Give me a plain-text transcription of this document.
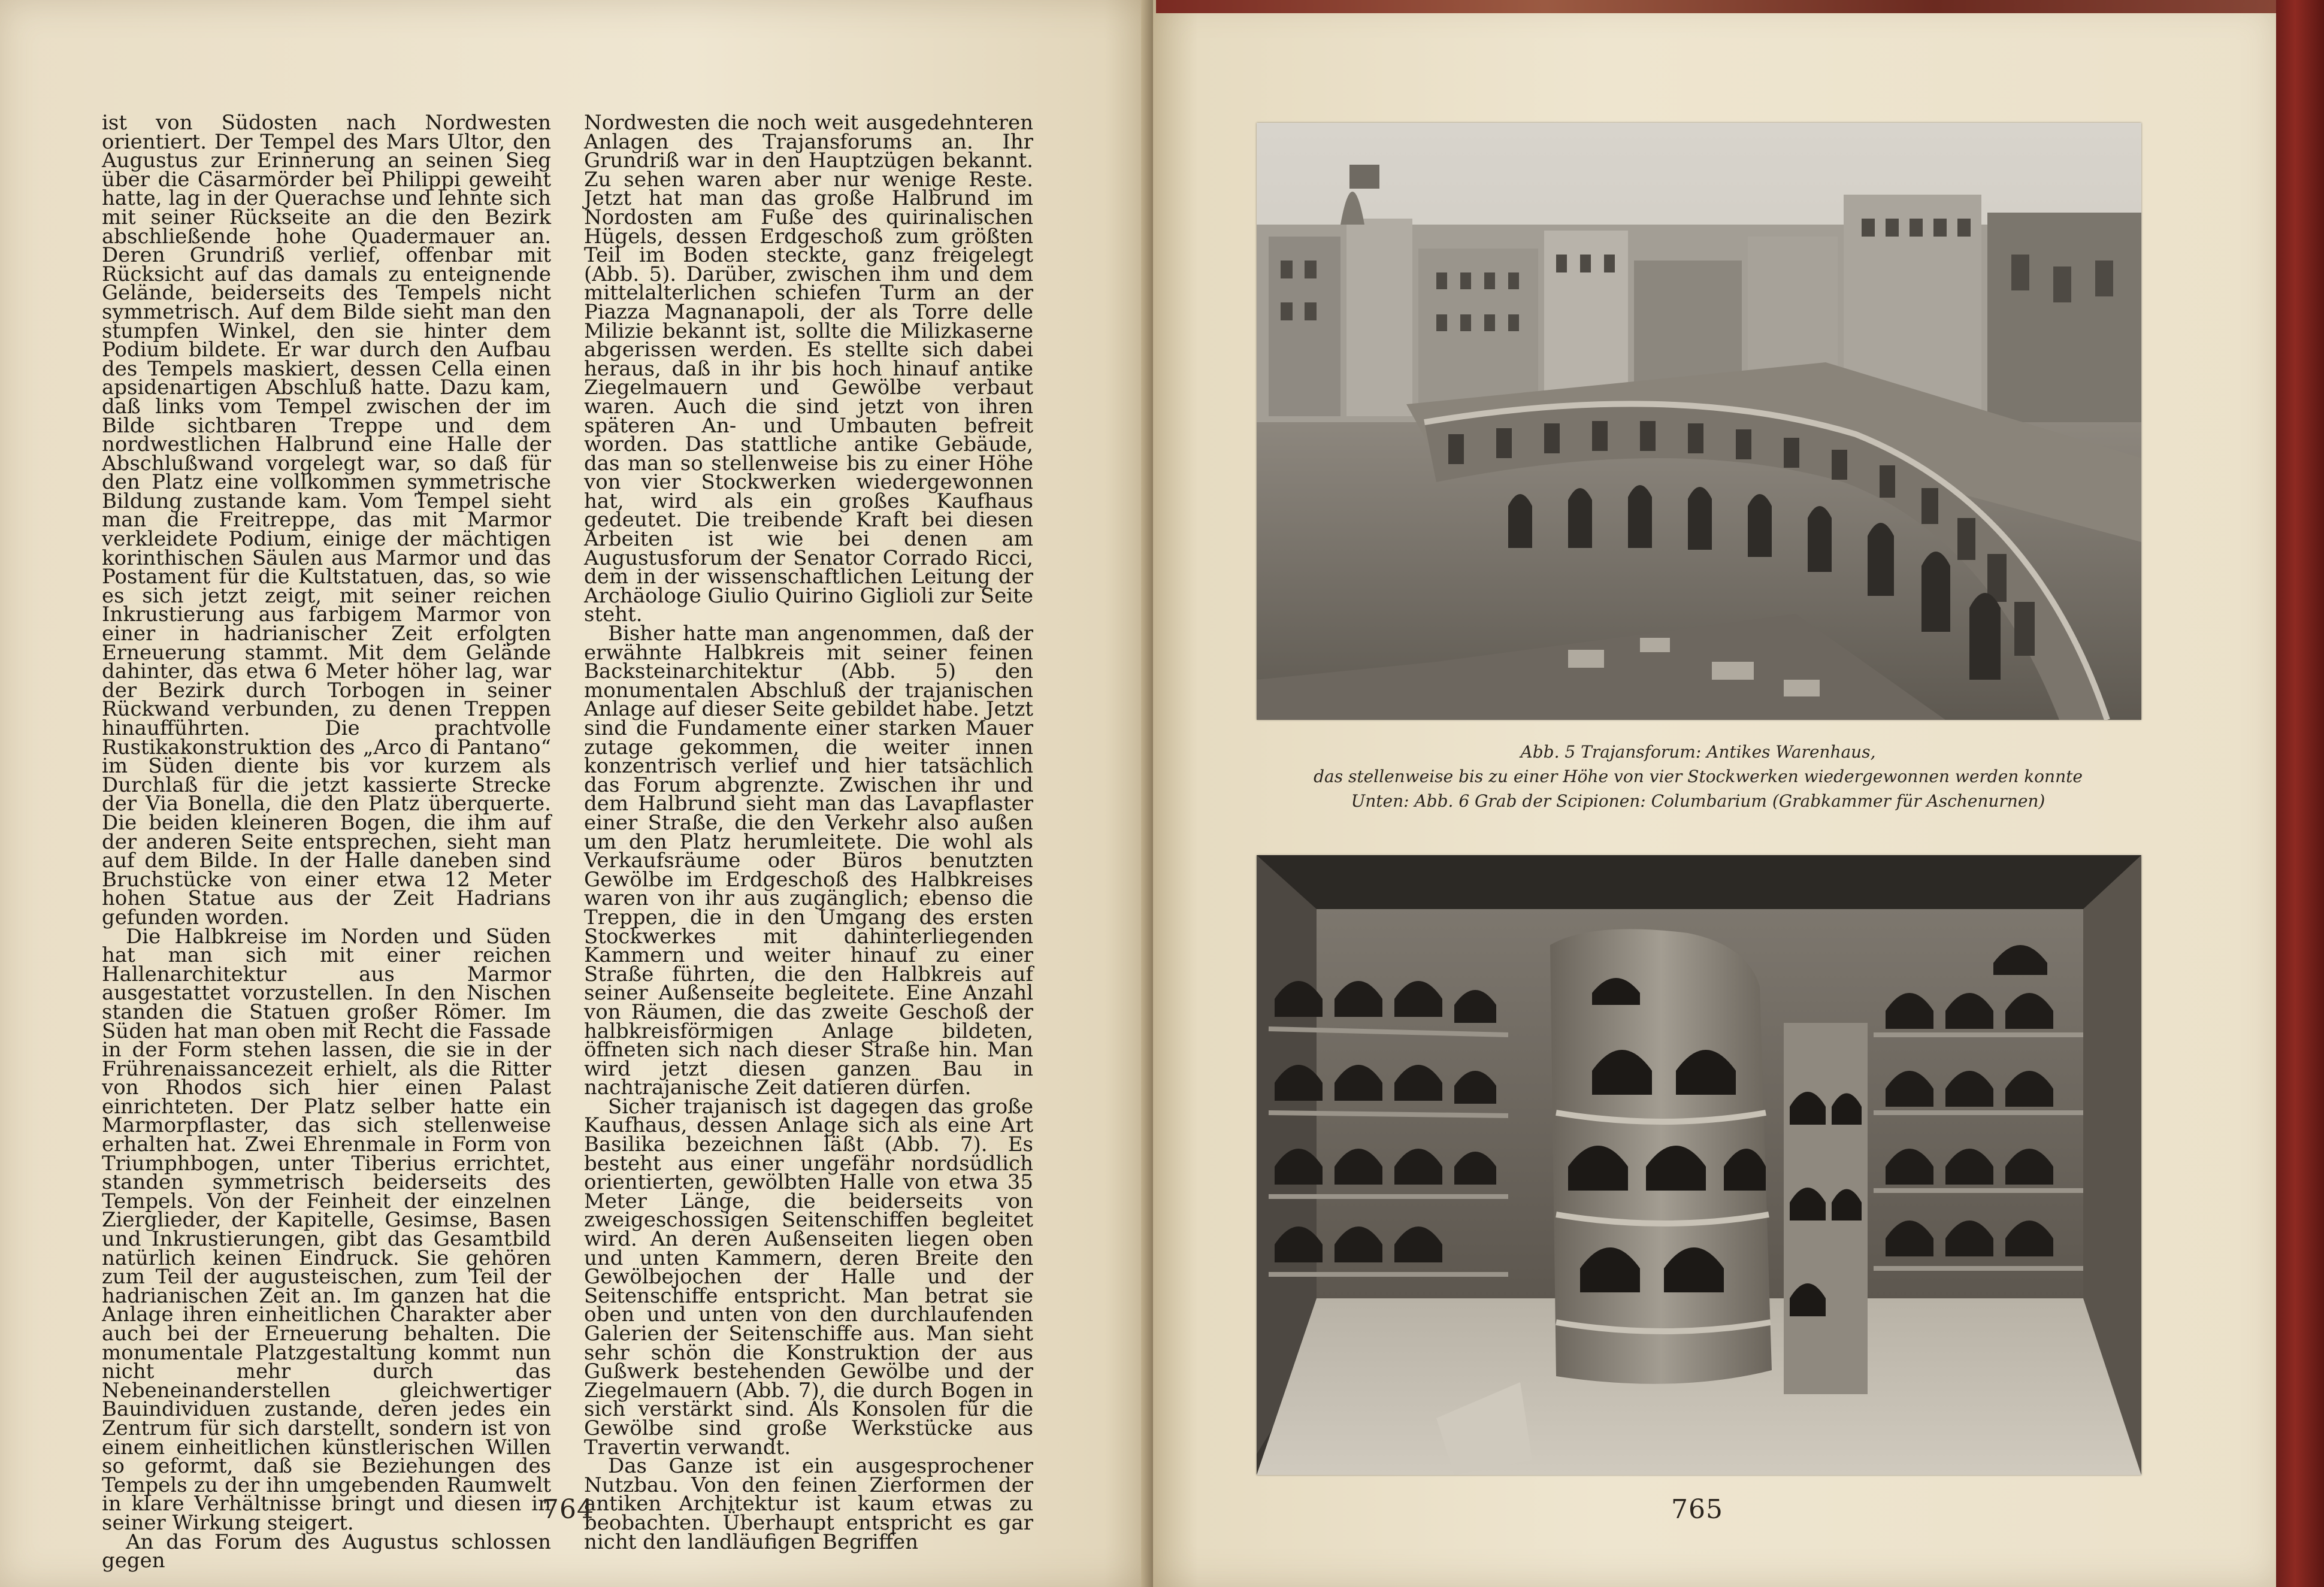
ist von Südosten nach Nordwesten orientiert. Der Tempel des Mars Ultor, den Augustus zur Erinnerung an seinen Sieg über die Cäsarmörder bei Philippi geweiht hatte, lag in der Querachse und lehnte sich mit seiner Rückseite an die den Bezirk abschließende hohe Quadermauer an. Deren Grundriß verlief, offenbar mit Rücksicht auf das damals zu enteignende Gelände, beiderseits des Tempels nicht symmetrisch. Auf dem Bilde sieht man den stumpfen Winkel, den sie hinter dem Podium bildete. Er war durch den Aufbau des Tempels maskiert, dessen Cella einen apsidenartigen Abschluß hatte. Dazu kam, daß links vom Tempel zwischen der im Bilde sichtbaren Treppe und dem nordwestlichen Halbrund eine Halle der Abschlußwand vorgelegt war, so daß für den Platz eine vollkommen symmetrische Bildung zustande kam. Vom Tempel sieht man die Freitreppe, das mit Marmor verkleidete Podium, einige der mächtigen korinthischen Säulen aus Marmor und das Postament für die Kultstatuen, das, so wie es sich jetzt zeigt, mit seiner reichen Inkrustierung aus farbigem Marmor von einer in hadrianischer Zeit erfolgten Erneuerung stammt. Mit dem Gelände dahinter, das etwa 6 Meter höher lag, war der Bezirk durch Torbogen in seiner Rückwand verbunden, zu denen Treppen hinaufführten. Die prachtvolle Rustikakonstruktion des „Arco di Pantano“ im Süden diente bis vor kurzem als Durchlaß für die jetzt kassierte Strecke der Via Bonella, die den Platz überquerte. Die beiden kleineren Bogen, die ihm auf der anderen Seite entsprechen, sieht man auf dem Bilde. In der Halle daneben sind Bruchstücke von einer etwa 12 Meter hohen Statue aus der Zeit Hadrians gefunden worden.

Die Halbkreise im Norden und Süden hat man sich mit einer reichen Hallenarchitektur aus Marmor ausgestattet vorzustellen. In den Nischen standen die Statuen großer Römer. Im Süden hat man oben mit Recht die Fassade in der Form stehen lassen, die sie in der Frührenaissancezeit erhielt, als die Ritter von Rhodos sich hier einen Palast einrichteten. Der Platz selber hatte ein Marmorpflaster, das sich stellenweise erhalten hat. Zwei Ehrenmale in Form von Triumphbogen, unter Tiberius errichtet, standen symmetrisch beiderseits des Tempels. Von der Feinheit der einzelnen Zierglieder, der Kapitelle, Gesimse, Basen und Inkrustierungen, gibt das Gesamtbild natürlich keinen Eindruck. Sie gehören zum Teil der augusteischen, zum Teil der hadrianischen Zeit an. Im ganzen hat die Anlage ihren einheitlichen Charakter aber auch bei der Erneuerung behalten. Die monumentale Platzgestaltung kommt nun nicht mehr durch das Nebeneinanderstellen gleichwertiger Bauindividuen zustande, deren jedes ein Zentrum für sich darstellt, sondern ist von einem einheitlichen künstlerischen Willen so geformt, daß sie Beziehungen des Tempels zu der ihn umgebenden Raumwelt in klare Verhältnisse bringt und diesen in seiner Wirkung steigert.

An das Forum des Augustus schlossen gegen

Nordwesten die noch weit ausgedehnteren Anlagen des Trajansforums an. Ihr Grundriß war in den Hauptzügen bekannt. Zu sehen waren aber nur wenige Reste. Jetzt hat man das große Halbrund im Nordosten am Fuße des quirinalischen Hügels, dessen Erdgeschoß zum größten Teil im Boden steckte, ganz freigelegt (Abb. 5). Darüber, zwischen ihm und dem mittelalterlichen schiefen Turm an der Piazza Magnanapoli, der als Torre delle Milizie bekannt ist, sollte die Milizkaserne abgerissen werden. Es stellte sich dabei heraus, daß in ihr bis hoch hinauf antike Ziegelmauern und Gewölbe verbaut waren. Auch die sind jetzt von ihren späteren An- und Umbauten befreit worden. Das stattliche antike Gebäude, das man so stellenweise bis zu einer Höhe von vier Stockwerken wiedergewonnen hat, wird als ein großes Kaufhaus gedeutet. Die treibende Kraft bei diesen Arbeiten ist wie bei denen am Augustusforum der Senator Corrado Ricci, dem in der wissenschaftlichen Leitung der Archäologe Giulio Quirino Giglioli zur Seite steht.

Bisher hatte man angenommen, daß der erwähnte Halbkreis mit seiner feinen Backsteinarchitektur (Abb. 5) den monumentalen Abschluß der trajanischen Anlage auf dieser Seite gebildet habe. Jetzt sind die Fundamente einer starken Mauer zutage gekommen, die weiter innen konzentrisch verlief und hier tatsächlich das Forum abgrenzte. Zwischen ihr und dem Halbrund sieht man das Lavapflaster einer Straße, die den Verkehr also außen um den Platz herumleitete. Die wohl als Verkaufsräume oder Büros benutzten Gewölbe im Erdgeschoß des Halbkreises waren von ihr aus zugänglich; ebenso die Treppen, die in den Umgang des ersten Stockwerkes mit dahinterliegenden Kammern und weiter hinauf zu einer Straße führten, die den Halbkreis auf seiner Außenseite begleitete. Eine Anzahl von Räumen, die das zweite Geschoß der halbkreisförmigen Anlage bildeten, öffneten sich nach dieser Straße hin. Man wird jetzt diesen ganzen Bau in nachtrajanische Zeit datieren dürfen.

Sicher trajanisch ist dagegen das große Kaufhaus, dessen Anlage sich als eine Art Basilika bezeichnen läßt (Abb. 7). Es besteht aus einer ungefähr nordsüdlich orientierten, gewölbten Halle von etwa 35 Meter Länge, die beiderseits von zweigeschossigen Seitenschiffen begleitet wird. An deren Außenseiten liegen oben und unten Kammern, deren Breite den Gewölbejochen der Halle und der Seitenschiffe entspricht. Man betrat sie oben und unten von den durchlaufenden Galerien der Seitenschiffe aus. Man sieht sehr schön die Konstruktion der aus Gußwerk bestehenden Gewölbe und der Ziegelmauern (Abb. 7), die durch Bogen in sich verstärkt sind. Als Konsolen für die Gewölbe sind große Werkstücke aus Travertin verwandt.

Das Ganze ist ein ausgesprochener Nutzbau. Von den feinen Zierformen der antiken Architektur ist kaum etwas zu beobachten. Überhaupt entspricht es gar nicht den landläufigen Begriffen

764
Abb. 5 Trajansforum: Antikes Warenhaus,
das stellenweise bis zu einer Höhe von vier Stockwerken wiedergewonnen werden konnte
Unten: Abb. 6 Grab der Scipionen: Columbarium (Grabkammer für Aschenurnen)
765
